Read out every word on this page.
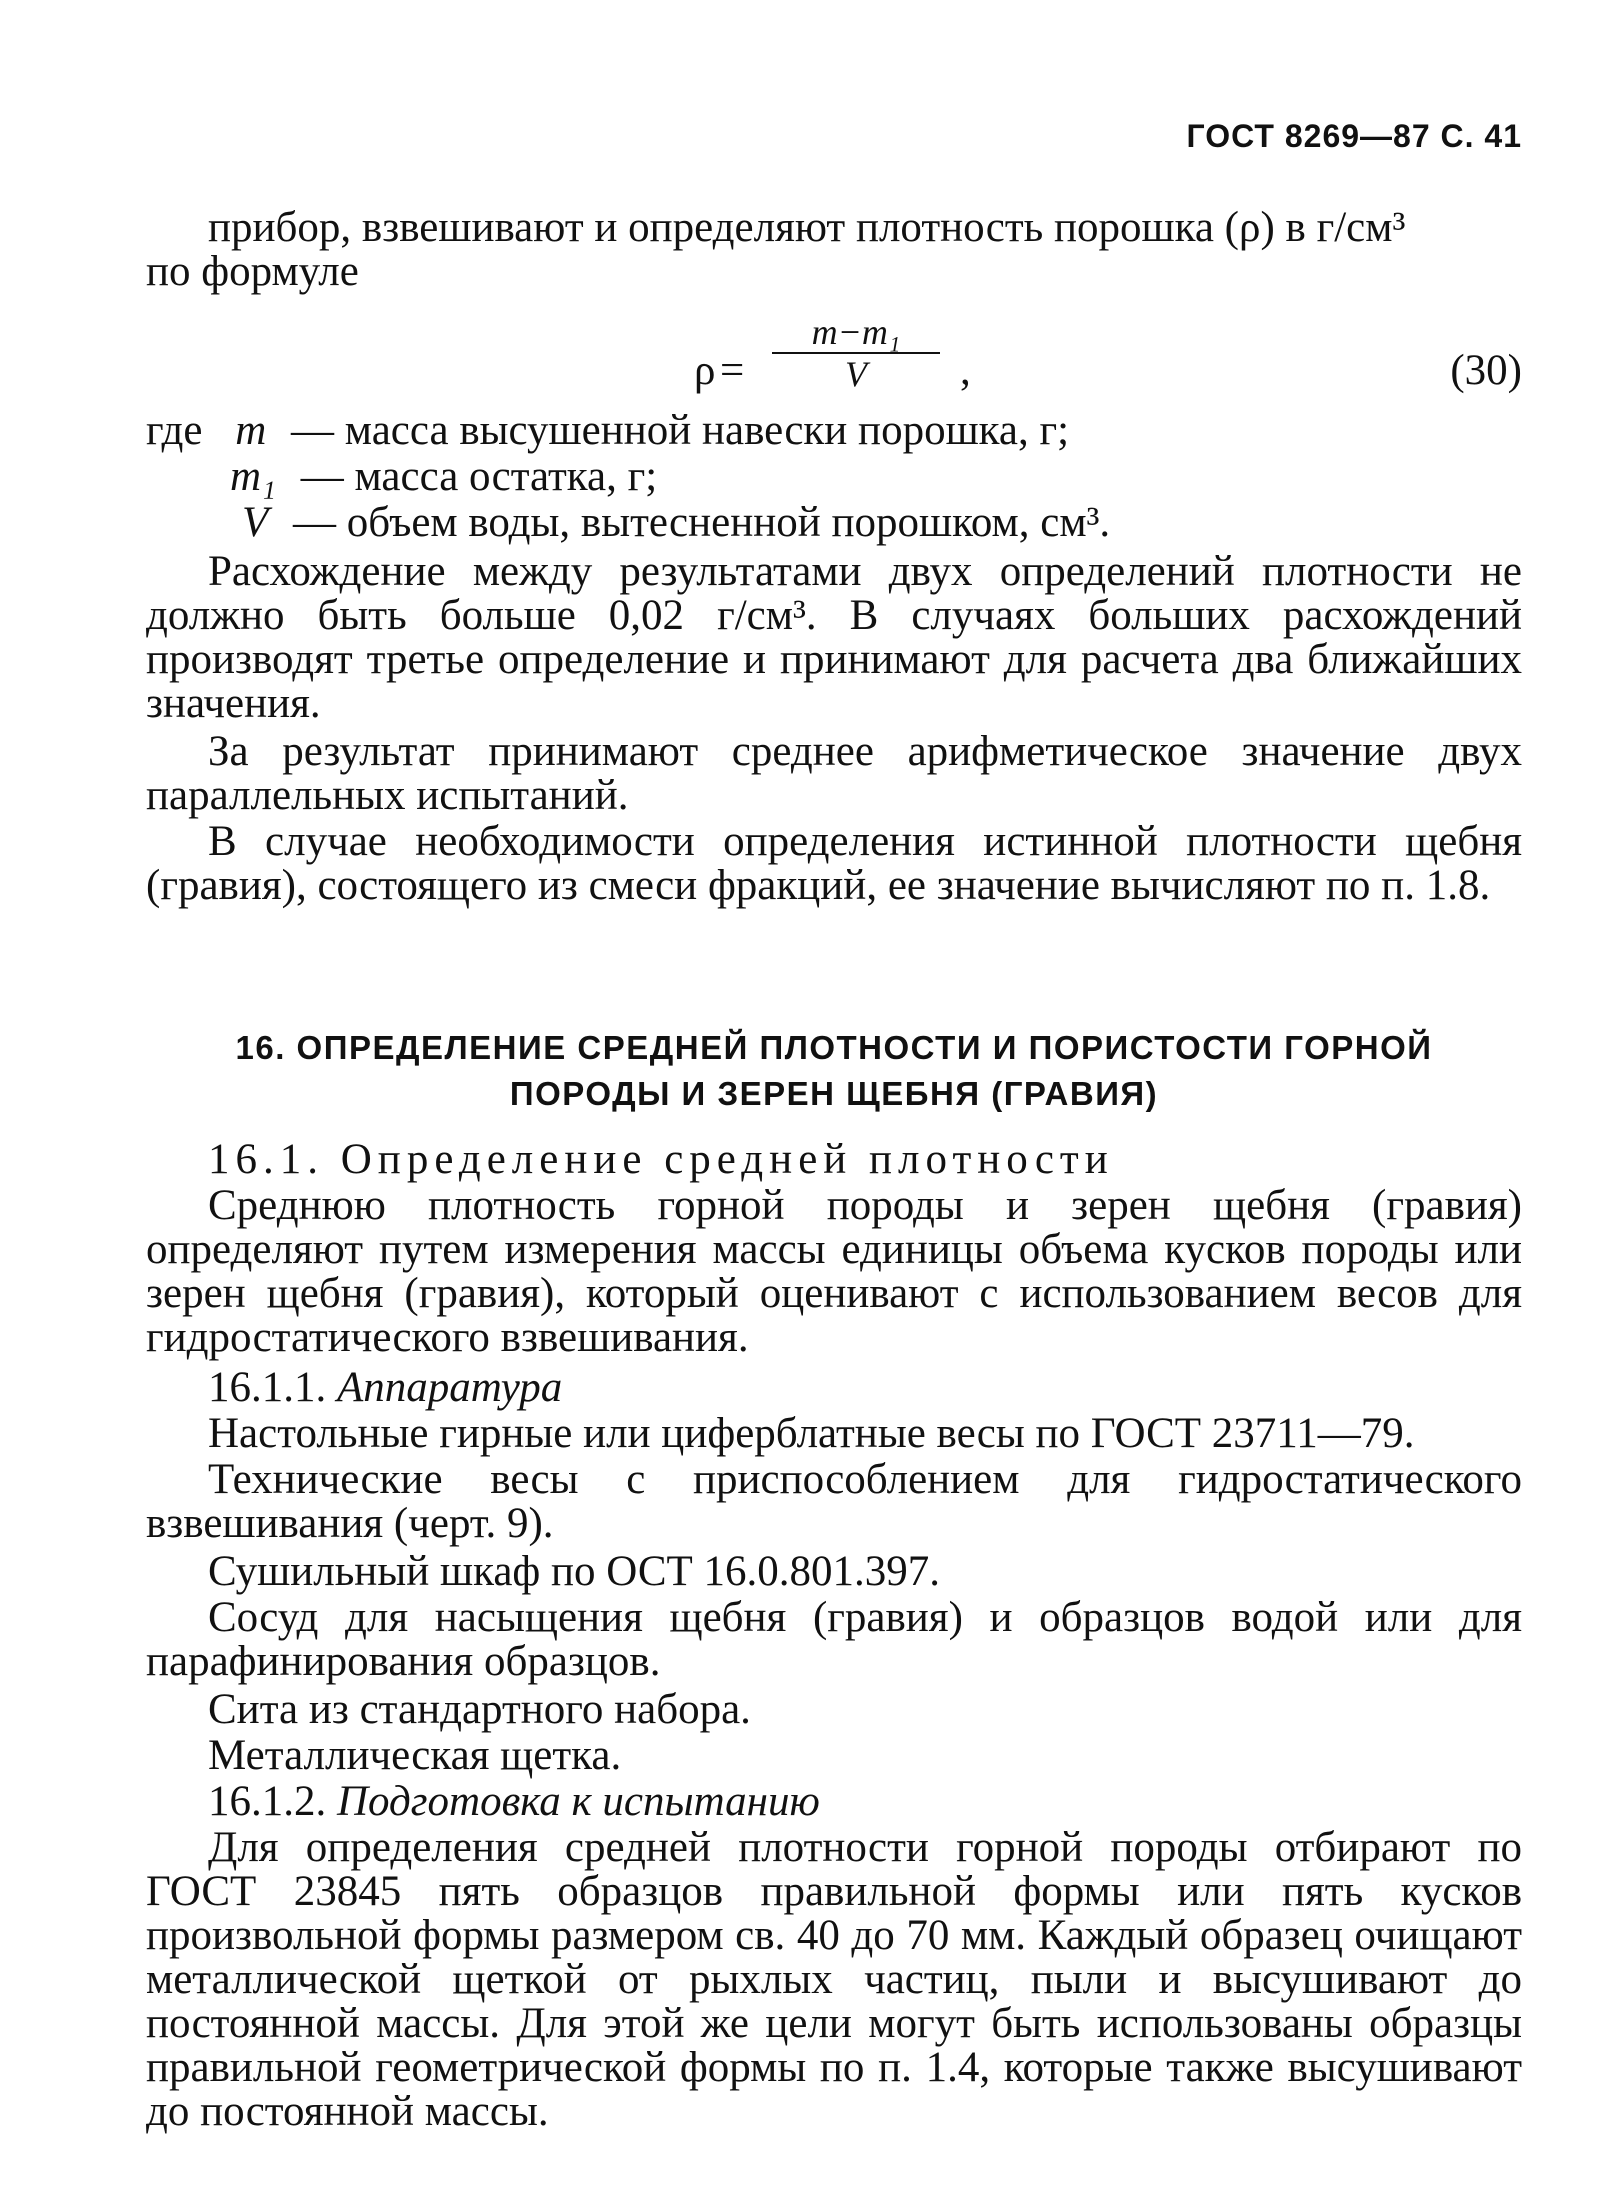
ГОСТ 8269—87 С. 41
прибор, взвешивают и определяют плотность порошка (ρ) в г/см³
по формуле
ρ =
m−m₁
V	,	(30)
где m — масса высушенной навески порошка, г;
m₁ — масса остатка, г;
V — объем воды, вытесненной порошком, см³.
Расхождение между результатами двух определений плотности не должно быть больше 0,02 г/см³. В случаях больших расхождений производят третье определение и принимают для расчета два ближайших значения.
За результат принимают среднее арифметическое значение двух параллельных испытаний.
В случае необходимости определения истинной плотности щебня (гравия), состоящего из смеси фракций, ее значение вычисляют по п. 1.8.
16. ОПРЕДЕЛЕНИЕ СРЕДНЕЙ ПЛОТНОСТИ И ПОРИСТОСТИ ГОРНОЙ
ПОРОДЫ И ЗЕРЕН ЩЕБНЯ (ГРАВИЯ)
16.1. Определение средней плотности
Среднюю плотность горной породы и зерен щебня (гравия) определяют путем измерения массы единицы объема кусков породы или зерен щебня (гравия), который оценивают с использованием весов для гидростатического взвешивания.
16.1.1. Аппаратура
Настольные гирные или циферблатные весы по ГОСТ 23711—79.
Технические весы с приспособлением для гидростатического взвешивания (черт. 9).
Сушильный шкаф по ОСТ 16.0.801.397.
Сосуд для насыщения щебня (гравия) и образцов водой или для парафинирования образцов.
Сита из стандартного набора.
Металлическая щетка.
16.1.2. Подготовка к испытанию
Для определения средней плотности горной породы отбирают по ГОСТ 23845 пять образцов правильной формы или пять кусков произвольной формы размером св. 40 до 70 мм. Каждый образец очищают металлической щеткой от рыхлых частиц, пыли и высушивают до постоянной массы. Для этой же цели могут быть использованы образцы правильной геометрической формы по п. 1.4, которые также высушивают до постоянной массы.
